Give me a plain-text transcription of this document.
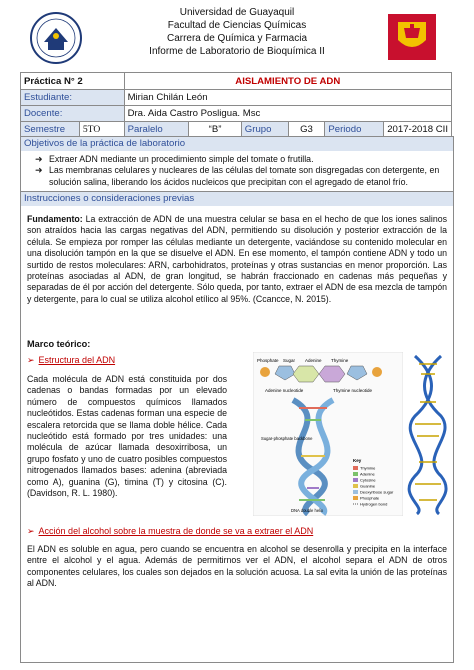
Universidad de Guayaquil
Facultad de Ciencias Químicas
Carrera de Química y Farmacia
Informe de Laboratorio de Bioquímica II
Práctica N° 2		AISLAMIENTO DE ADN					
Estudiante:		Mirian Chilán León					
Docente:		Dra. Aida Castro Posligua. Msc					
Semestre	5TO	Paralelo	“B”	Grupo	G3	Periodo	2017-2018 CII
Objetivos de la práctica de laboratorio
➜ Extraer ADN mediante un procedimiento simple del tomate o frutilla.
➜ Las membranas celulares y nucleares de las células del tomate son disgregadas con detergente, en solución salina, liberando los ácidos nucleicos que precipitan con el agregado de etanol frío.
Instrucciones o consideraciones previas
Fundamento: La extracción de ADN de una muestra celular se basa en el hecho de que los iones salinos son atraídos hacia las cargas negativas del ADN, permitiendo su disolución y posterior extracción de la célula. Se empieza por romper las células mediante un detergente, vaciándose su contenido molecular en una disolución tampón en la que se disuelve el ADN. En ese momento, el tampón contiene ADN y todo un surtido de restos moleculares: ARN, carbohidratos, proteínas y otras sustancias en menor proporción. Las proteínas asociadas al ADN, de gran longitud, se habrán fraccionado en cadenas más pequeñas y separadas de él por acción del detergente. Sólo queda, por tanto, extraer el ADN de esa mezcla de tampón y detergente, para lo cual se utiliza alcohol etílico al 95%. (Ccancce, N. 2015).
Marco teórico:
➢ Estructura del ADN
Cada molécula de ADN está constituida por dos cadenas o bandas formadas por un elevado número de compuestos químicos llamados nucleótidos. Estas cadenas forman una especie de escalera retorcida que se llama doble hélice. Cada nucleótido está formado por tres unidades: una molécula de azúcar llamada desoxirribosa, un grupo fosfato y uno de cuatro posibles compuestos nitrogenados llamados bases: adenina (abreviada como A), guanina (G), timina (T) y citosina (C). (Davidson, R. L. 1980).
Phosphate Sugar Adenine Thymine
Adenine nucleotide	Thymine nucleotide
Sugar-phosphate backbone
Key
Thymine
Adenine
Cytosine
Guanine
Deoxyribose sugar
Phosphate
Hydrogen bond
DNA double helix
➢ Acción del alcohol sobre la muestra de donde se va a extraer el ADN
El ADN es soluble en agua, pero cuando se encuentra en alcohol se desenrolla y precipita en la interface entre el alcohol y el agua. Además de permitirnos ver el ADN, el alcohol separa el ADN de otros componentes celulares, los cuales son dejados en la solución acuosa. La sal evita la unión de las proteínas al ADN.
